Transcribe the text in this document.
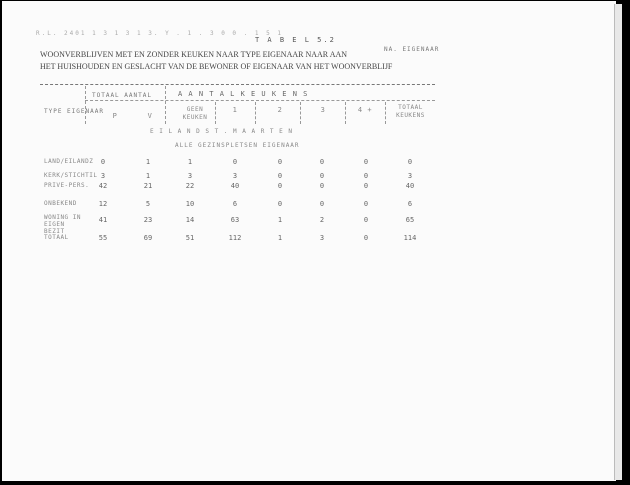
R.L. 2401 1 3 1 3 1 3. Y . 1 . 3 0 0 . 1 5 1
T A B E L 5.2
WOONVERBLIJVEN MET EN ZONDER KEUKEN NAAR TYPE EIGENAAR NAAR AAN
HET HUISHOUDEN EN GESLACHT VAN DE BEWONER OF EIGENAAR VAN HET WOONVERBLIJF
NA. EIGENAAR
TYPE EIGENAAR
TOTAAL AANTAL	A A N T A L K E U K E N S
P	V
GEEN KEUKEN
1	2	3	4 +	TOTAAL KEUKENS
E I L A N D S T . M A A R T E N
ALLE GEZINSPLETSEN EIGENAAR
LAND/EILANDZ	0	1	1	0	0	0	0	0
KERK/STICHTIL 3	1	3	3	0	0	0	3
PRIVE-PERS.	42	21	22	40	0	0	0	40
ONBEKEND	12	5	10	6	0	0	0	6
WONING IN EIGEN BEZIT
41	23	14	63	1	2	0	65
TOTAAL	55	69	51	112	1	3	0	114
